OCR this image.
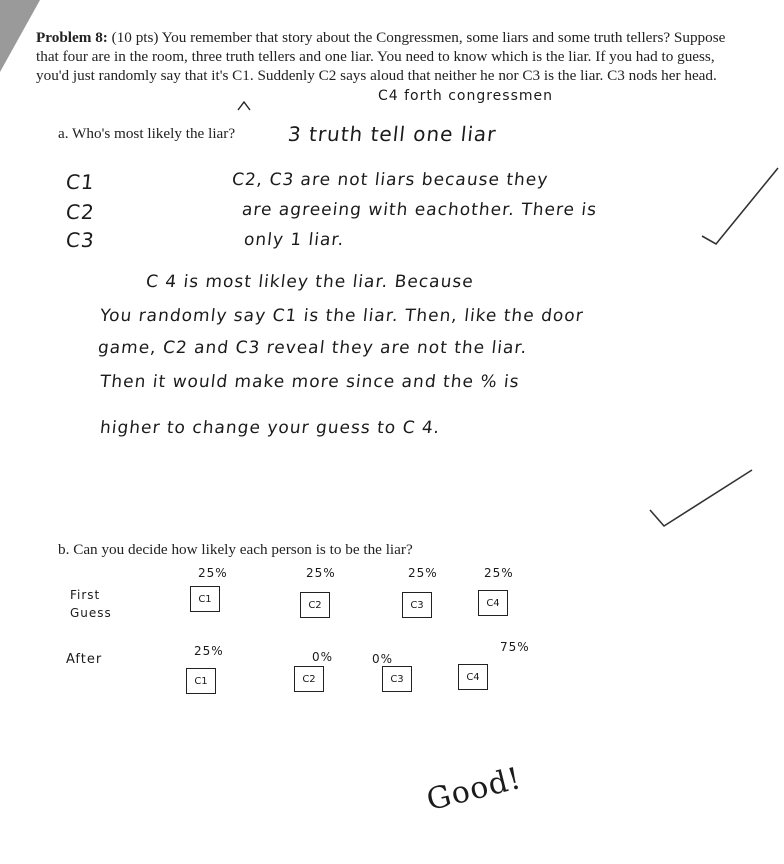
Problem 8: (10 pts) You remember that story about the Congressmen, some liars and some truth tellers? Suppose that four are in the room, three truth tellers and one liar. You need to know which is the liar. If you had to guess, you'd just randomly say that it's C1. Suddenly C2 says aloud that neither he nor C3 is the liar. C3 nods her head.
a. Who's most likely the liar?
b. Can you decide how likely each person is to be the liar?
C4 forth congressmen
3 truth tell one liar
C1
C2
C3
C2, C3 are not liars because they
are agreeing with eachother. There is
only 1 liar.
C 4 is most likley the liar. Because
You randomly say C1 is the liar. Then, like the door
game, C2 and C3 reveal they are not the liar.
Then it would make more since and the % is
higher to change your guess to C 4.
First
Guess
After
25%
C1
25%
C2
25%
C3
25%
C4
25%
C1
0%
C2
0%
C3
75%
C4
Good!
